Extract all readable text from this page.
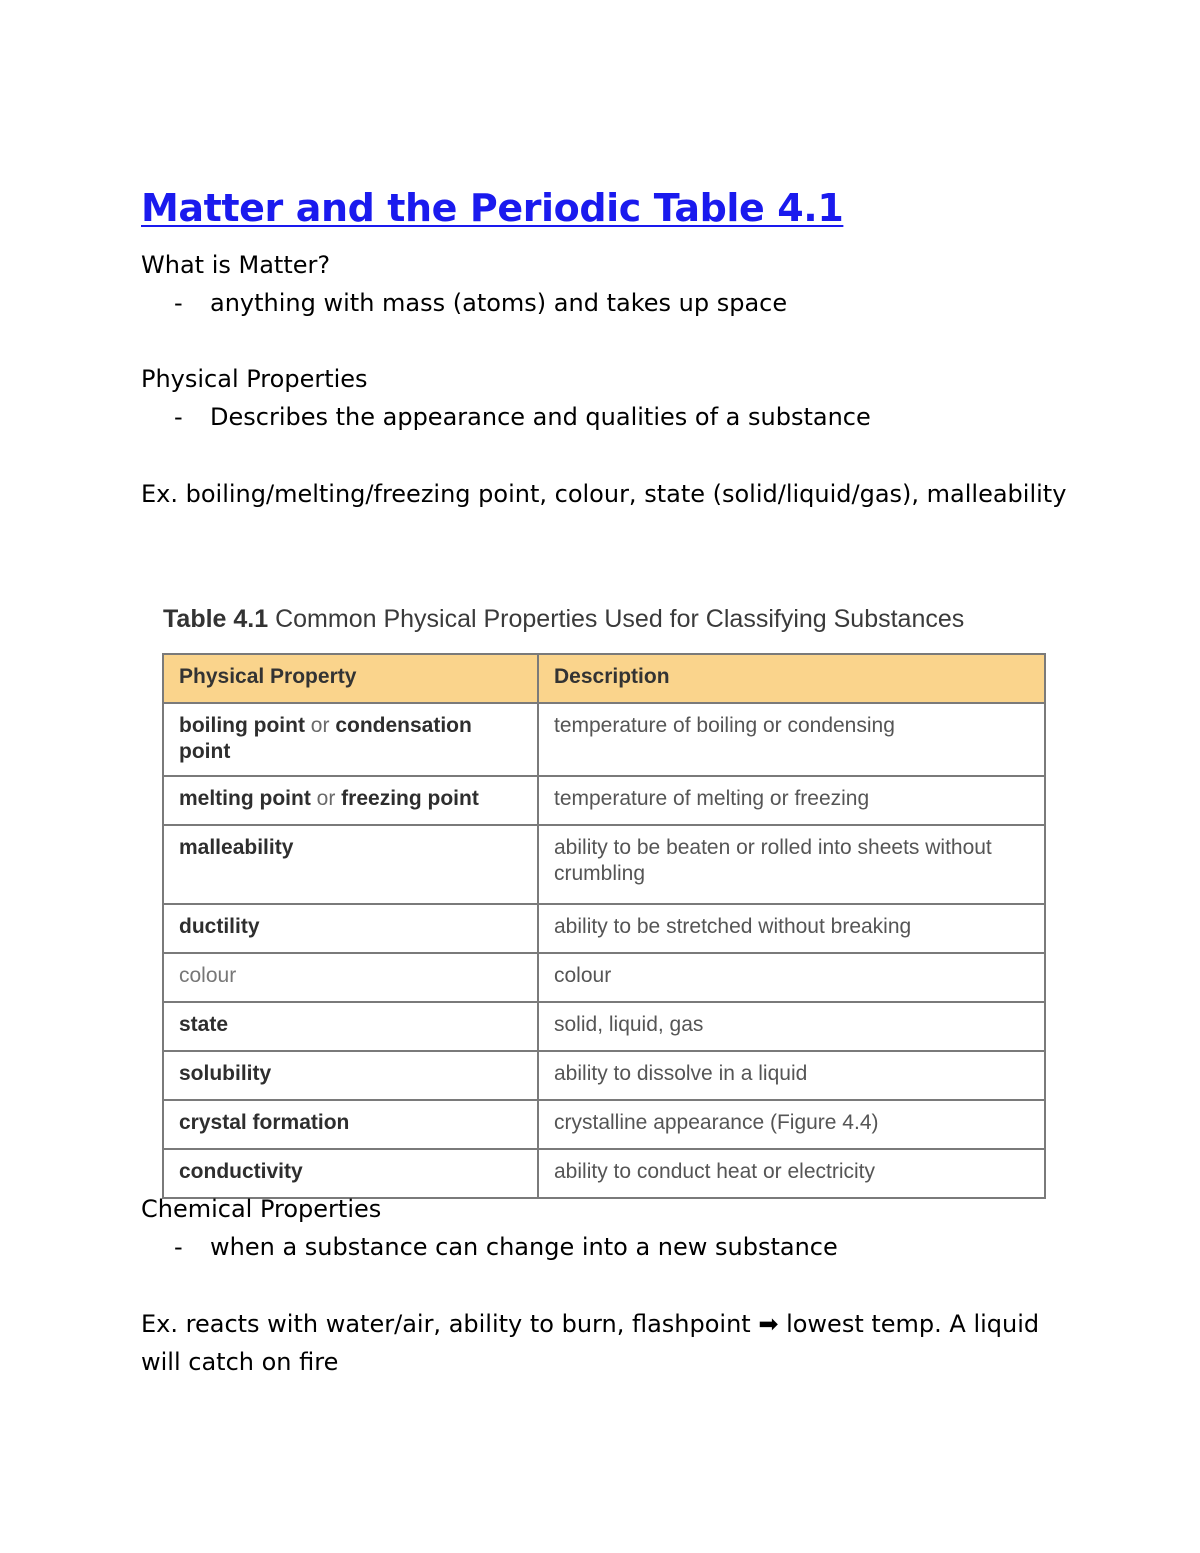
Matter and the Periodic Table 4.1
What is Matter?
- anything with mass (atoms) and takes up space
Physical Properties
- Describes the appearance and qualities of a substance
Ex. boiling/melting/freezing point, colour, state (solid/liquid/gas), malleability
Table 4.1 Common Physical Properties Used for Classifying Substances
Physical Property	Description
boiling point or condensation point	temperature of boiling or condensing
melting point or freezing point	temperature of melting or freezing
malleability	ability to be beaten or rolled into sheets without crumbling
ductility	ability to be stretched without breaking
colour	colour
state	solid, liquid, gas
solubility	ability to dissolve in a liquid
crystal formation	crystalline appearance (Figure 4.4)
conductivity	ability to conduct heat or electricity
Chemical Properties
- when a substance can change into a new substance
Ex. reacts with water/air, ability to burn, flashpoint ➡ lowest temp. A liquid will catch on fire
